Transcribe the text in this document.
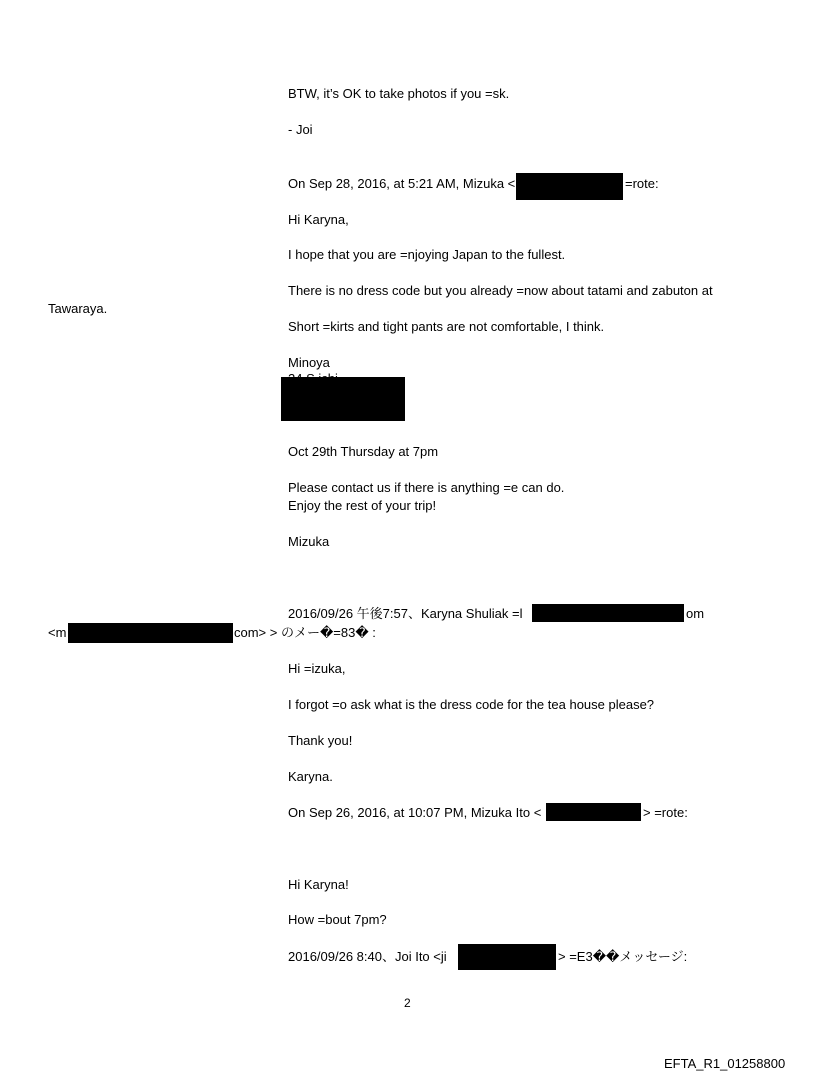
BTW, it’s OK to take photos if you =sk.
- Joi
On Sep 28, 2016, at 5:21 AM, Mizuka <	=rote:
Hi Karyna,
I hope that you are =njoying Japan to the fullest.
There is no dress code but you already =now about tatami and zabuton at
Tawaraya.
Short =kirts and tight pants are not comfortable, I think.
Minoya
Oct 29th Thursday at 7pm
Please contact us if there is anything =e can do.
Enjoy the rest of your trip!
Mizuka
2016/09/26 午後7:57、Karyna Shuliak =l	om
<m	com> > のメー�=83� :
Hi =izuka,
I forgot =o ask what is the dress code for the tea house please?
Thank you!
Karyna.
On Sep 26, 2016, at 10:07 PM, Mizuka Ito <	> =rote:
Hi Karyna!
How =bout 7pm?
2016/09/26 8:40、Joi Ito <ji	> =E3��メッセージ:
2
EFTA_R1_01258800
